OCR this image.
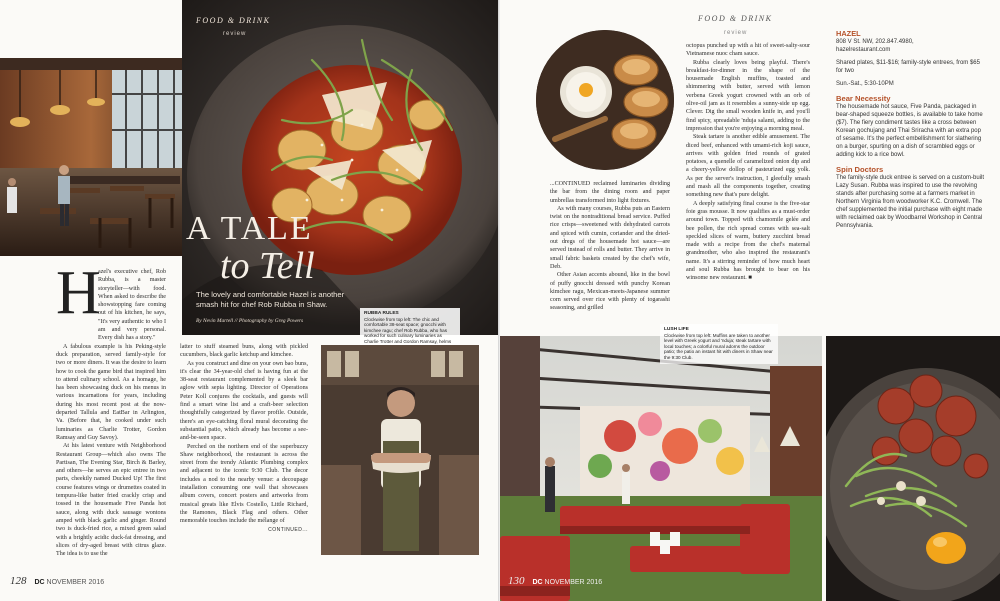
FOOD & DRINK
review
A TALE
to Tell
The lovely and comfortable Hazel is another smash hit for chef Rob Rubba in Shaw.
By Nevin Martell // Photography by Greg Powers
RUBBA RULES
Clockwise from top left: The chic and comfortable 38-seat space; gnocchi with kimchee ragu; chef Rob Rubba, who has worked for such culinary luminaries as Charlie Trotter and Gordon Ramsay, helms
H

azel's executive chef, Rob Rubba, is a master storyteller—with food. When asked to describe the showstopping fare coming out of his kitchen, he says, "It's very authentic to who I am and very personal. Every dish has a story."

A fabulous example is his Peking-style duck preparation, served family-style for two or more diners. It was the desire to learn how to cook the game bird that inspired him to attend culinary school. As a homage, he has been showcasing duck on his menus in various incarnations for years, including during his most recent post at the now-departed Tallula and EatBar in Arlington, Va. (Before that, he cooked under such luminaries as Charlie Trotter, Gordon Ramsay and Guy Savoy).

At his latest venture with Neighborhood Restaurant Group—which also owns The Partisan, The Evening Star, Birch & Barley, and others—he serves an epic entree in two parts, cheekily named Ducked Up! The first course features wings or drumettes coated in tempura-like batter fried crackly crisp and tossed in the housemade Five Panda hot sauce, along with duck sausage wontons amped with black garlic and ginger. Round two is duck-fried rice, a mixed green salad with a brightly acidic duck-fat dressing, and slices of dry-aged breast with citrus glaze. The idea is to use the

latter to stuff steamed buns, along with pickled cucumbers, black garlic ketchup and kimchee.

As you construct and dine on your own bao buns, it's clear the 34-year-old chef is having fun at the 38-seat restaurant complemented by a sleek bar aglow with sepia lighting. Director of Operations Peter Koll conjures the cocktails, and guests will find a smart wine list and a craft-beer selection thoughtfully categorized by flavor profile. Outside, there's an eye-catching floral mural decorating the substantial patio, which already has become a see-and-be-seen space.

Perched on the northern end of the superbuzzy Shaw neighborhood, the restaurant is across the street from the trendy Atlantic Plumbing complex and adjacent to the iconic 9:30 Club. The decor includes a nod to the nearby venue: a decoupage installation consuming one wall that showcases album covers, concert posters and artworks from musical greats like Elvis Costello, Little Richard, the Ramones, Black Flag and others. Other memorable touches include the mélange of

CONTINUED...
128 DC NOVEMBER 2016
FOOD & DRINK
review

...CONTINUED reclaimed luminaries dividing the bar from the dining room and paper umbrellas transformed into light fixtures.

As with many courses, Rubba puts an Eastern twist on the nontraditional bread service. Puffed rice crisps—sweetened with dehydrated carrots and spiced with cumin, coriander and the dried-out dregs of the housemade hot sauce—are served instead of rolls and butter. They arrive in small fabric baskets created by the chef's wife, Deb.

Other Asian accents abound, like in the bowl of puffy gnocchi dressed with punchy Korean kimchee ragu, Mexican-meets-Japanese summer corn served over rice with plenty of togarashi seasoning, and grilled

octopus punched up with a hit of sweet-salty-sour Vietnamese nuoc cham sauce.

Rubba clearly loves being playful. There's breakfast-for-dinner in the shape of the housemade English muffins, toasted and shimmering with butter, served with lemon verbena Greek yogurt crowned with an orb of olive-oil jam as it resembles a sunny-side up egg. Clever. Dig the small wooden knife in, and you'll find spicy, spreadable 'nduja salami, adding to the impression that you're enjoying a morning meal.

Steak tartare is another edible amusement. The diced beef, enhanced with umami-rich koji sauce, arrives with golden fried rounds of grated potatoes, a quenelle of caramelized onion dip and a cheery-yellow dollop of pasteurized egg yolk. As per the server's instruction, I gleefully smash and mash all the components together, creating something new that's pure delight.

A deeply satisfying final course is the five-star foie gras mousse. It now qualifies as a must-order around town. Topped with chamomile gelée and bee pollen, the rich spread comes with sea-salt speckled slices of warm, buttery zucchini bread made with a recipe from the chef's maternal grandmother, who also inspired the restaurant's name. It's a stirring reminder of how much heart and soul Rubba has brought to bear on his winsome new restaurant. ■

HAZEL
808 V St. NW, 202.847.4980,
hazelrestaurant.com
Shared plates, $11-$16; family-style entrees, from $65 for two
Sun.-Sat., 5:30-10PM
Bear Necessity
The housemade hot sauce, Five Panda, packaged in bear-shaped squeeze bottles, is available to take home ($7). The fiery condiment tastes like a cross between Korean gochujang and Thai Sriracha with an extra pop of sesame. It's the perfect embellishment for slathering on a burger, spurting on a dish of scrambled eggs or adding kick to a rice bowl.
Spin Doctors
The family-style duck entree is served on a custom-built Lazy Susan. Rubba was inspired to use the revolving stands after purchasing some at a farmers market in Northern Virginia from woodworker K.C. Cromwell. The chef supplemented the initial purchase with eight made with reclaimed oak by Woodbarrel Workshop in Central Pennsylvania.
LUSH LIFE
Clockwise from top left: Muffins are taken to another level with Greek yogurt and 'nduja; steak tartare with local touches; a colorful mural adorns the outdoor patio; the patio an instant hit with diners in Shaw near the 9:30 Club.
130 DC NOVEMBER 2016
